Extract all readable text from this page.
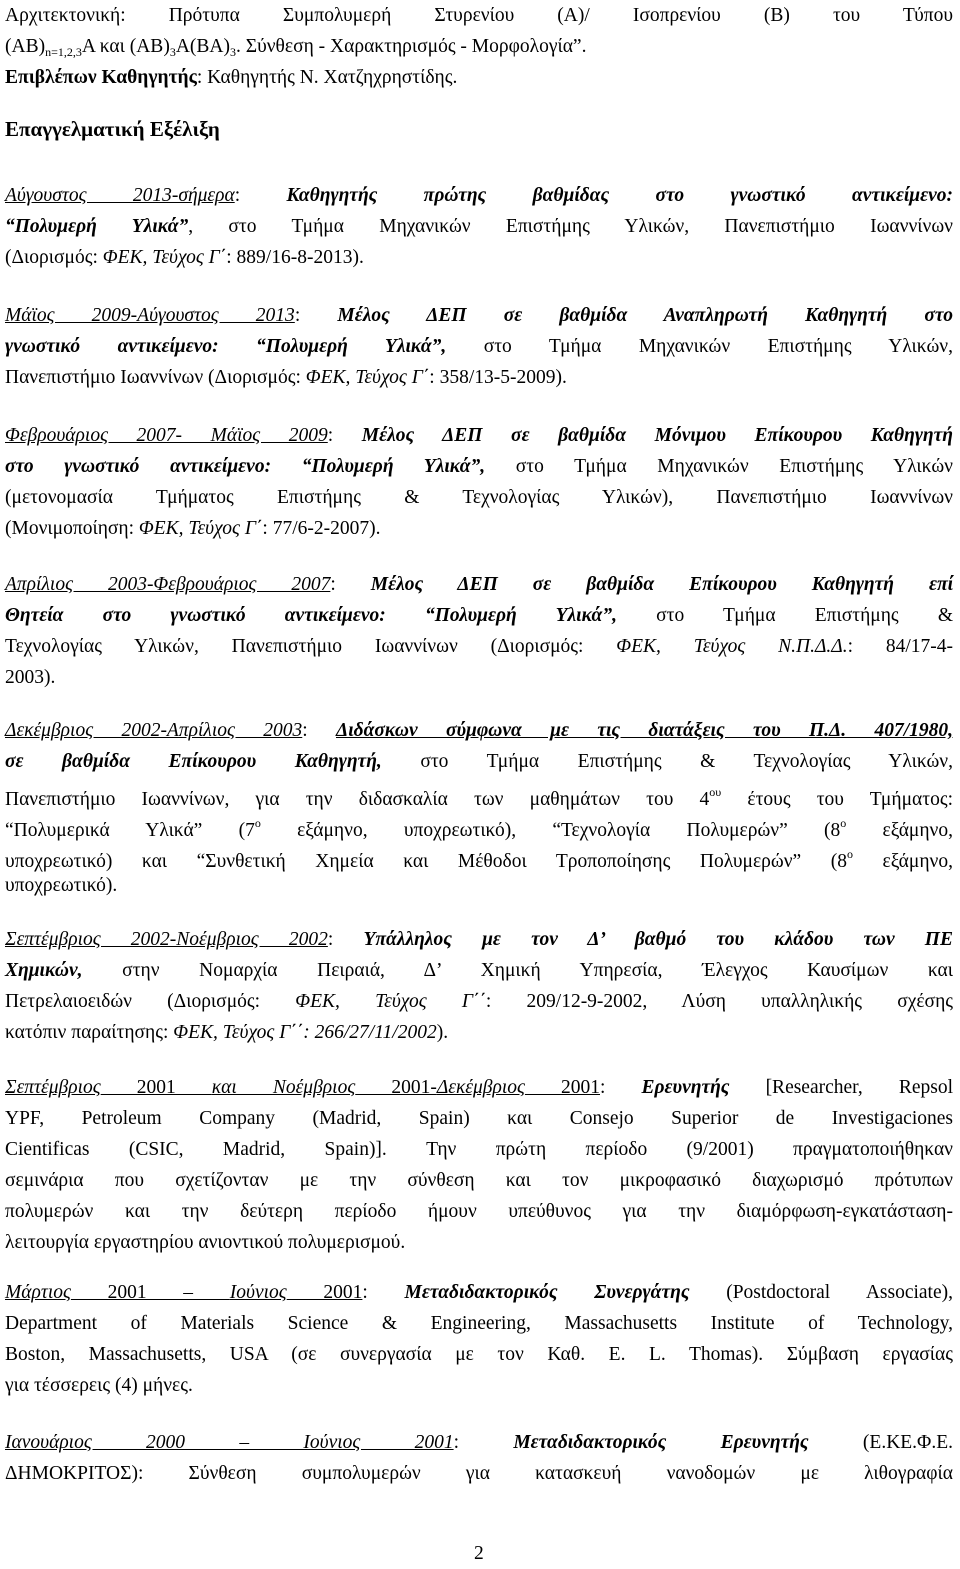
Αρχιτεκτονική: Πρότυπα Συμπολυμερή Στυρενίου (Α)/ Ισοπρενίου (Β) του Τύπου
$(AB)_{n=1,2,3}A$ και $(AB)_3A(BA)_3$. Σύνθεση - Χαρακτηρισμός - Μορφολογία”.
Επιβλέπων Καθηγητής: Καθηγητής Ν. Χατζηχρηστίδης.
Επαγγελματική Εξέλιξη
Αύγουστος 2013-σήμερα: Καθηγητής πρώτης βαθμίδας στο γνωστικό αντικείμενο:
“Πολυμερή Υλικά”, στο Τμήμα Μηχανικών Επιστήμης Υλικών, Πανεπιστήμιο Ιωαννίνων
(Διορισμός: ΦΕΚ, Τεύχος Γ΄: 889/16-8-2013).
Μάϊος 2009-Αύγουστος 2013: Μέλος ΔΕΠ σε βαθμίδα Αναπληρωτή Καθηγητή στο
γνωστικό αντικείμενο: “Πολυμερή Υλικά”, στο Τμήμα Μηχανικών Επιστήμης Υλικών,
Πανεπιστήμιο Ιωαννίνων (Διορισμός: ΦΕΚ, Τεύχος Γ΄: 358/13-5-2009).
Φεβρουάριος 2007- Μάϊος 2009: Μέλος ΔΕΠ σε βαθμίδα Μόνιμου Επίκουρου Καθηγητή
στο γνωστικό αντικείμενο: “Πολυμερή Υλικά”, στο Τμήμα Μηχανικών Επιστήμης Υλικών
(μετονομασία Τμήματος Επιστήμης & Τεχνολογίας Υλικών), Πανεπιστήμιο Ιωαννίνων
(Μονιμοποίηση: ΦΕΚ, Τεύχος Γ΄: 77/6-2-2007).
Απρίλιος 2003-Φεβρουάριος 2007: Μέλος ΔΕΠ σε βαθμίδα Επίκουρου Καθηγητή επί
Θητεία στο γνωστικό αντικείμενο: “Πολυμερή Υλικά”, στο Τμήμα Επιστήμης &
Τεχνολογίας Υλικών, Πανεπιστήμιο Ιωαννίνων (Διορισμός: ΦΕΚ, Τεύχος Ν.Π.Δ.Δ.: 84/17-4-
2003).
Δεκέμβριος 2002-Απρίλιος 2003: Διδάσκων σύμφωνα με τις διατάξεις του Π.Δ. 407/1980,
σε βαθμίδα Επίκουρου Καθηγητή, στο Τμήμα Επιστήμης & Τεχνολογίας Υλικών,
Πανεπιστήμιο Ιωαννίνων, για την διδασκαλία των μαθημάτων του $4^{o\upsilon}$ έτους του Τμήματος:
“Πολυμερικά Υλικά” ($7^o$ εξάμηνο, υποχρεωτικό), “Τεχνολογία Πολυμερών” ($8^o$ εξάμηνο,
υποχρεωτικό) και “Συνθετική Χημεία και Μέθοδοι Τροποποίησης Πολυμερών” ($8^o$ εξάμηνο,
υποχρεωτικό).
Σεπτέμβριος 2002-Νοέμβριος 2002: Υπάλληλος με τον Δ’ βαθμό του κλάδου των ΠΕ
Χημικών, στην Νομαρχία Πειραιά, Δ’ Χημική Υπηρεσία, Έλεγχος Καυσίμων και
Πετρελαιοειδών (Διορισμός: ΦΕΚ, Τεύχος Γ΄΄: 209/12-9-2002, Λύση υπαλληλικής σχέσης
κατόπιν παραίτησης: ΦΕΚ, Τεύχος Γ΄΄: 266/27/11/2002).
Σεπτέμβριος 2001 και Νοέμβριος 2001-Δεκέμβριος 2001: Ερευνητής [Researcher, Repsol
YPF, Petroleum Company (Madrid, Spain) και Consejo Superior de Investigaciones
Cientificas (CSIC, Madrid, Spain)]. Την πρώτη περίοδο (9/2001) πραγματοποιήθηκαν
σεμινάρια που σχετίζονταν με την σύνθεση και τον μικροφασικό διαχωρισμό πρότυπων
πολυμερών και την δεύτερη περίοδο ήμουν υπεύθυνος για την διαμόρφωση-εγκατάσταση-
λειτουργία εργαστηρίου ανιοντικού πολυμερισμού.
Μάρτιος 2001 – Ιούνιος 2001: Μεταδιδακτορικός Συνεργάτης (Postdoctoral Associate),
Department of Materials Science & Engineering, Massachusetts Institute of Technology,
Boston, Massachusetts, USA (σε συνεργασία με τον Καθ. E. L. Thomas). Σύμβαση εργασίας
για τέσσερεις (4) μήνες.
Ιανουάριος 2000 – Ιούνιος 2001: Μεταδιδακτορικός Ερευνητής (Ε.ΚΕ.Φ.Ε.
ΔΗΜΟΚΡΙΤΟΣ): Σύνθεση συμπολυμερών για κατασκευή νανοδομών με λιθογραφία
2
